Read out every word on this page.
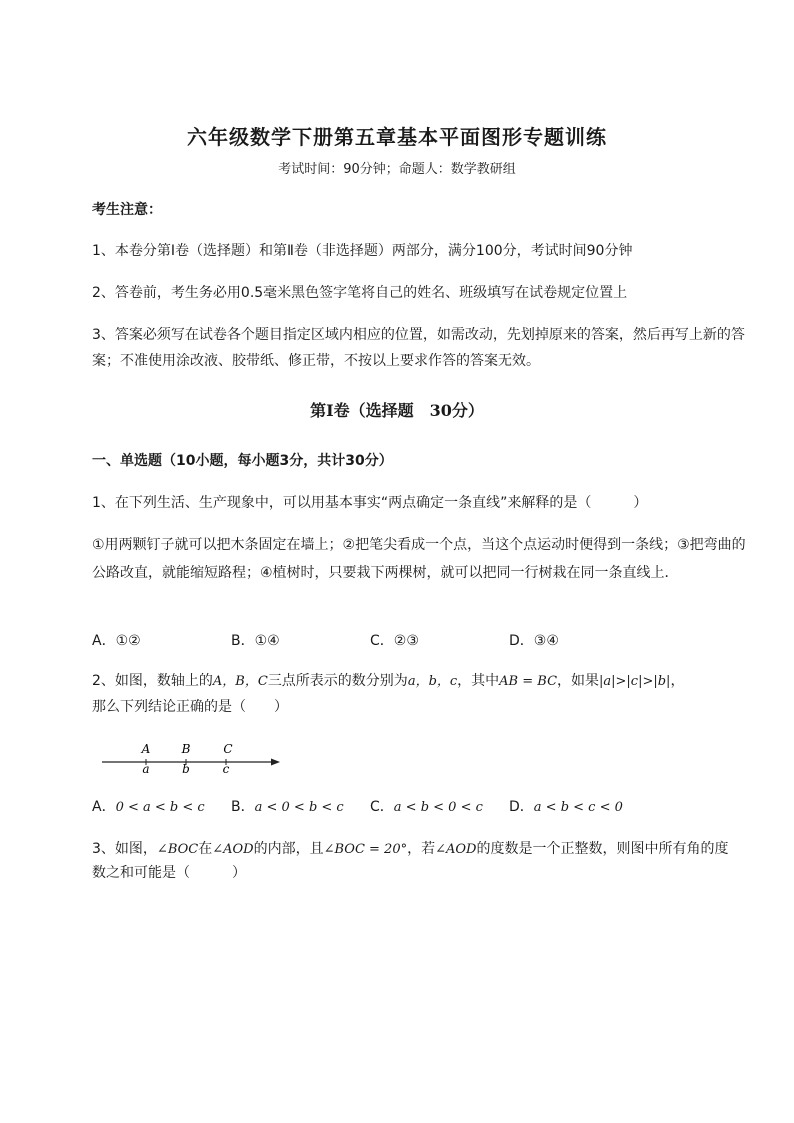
六年级数学下册第五章基本平面图形专题训练
考试时间：90分钟；命题人：数学教研组
考生注意：
1、本卷分第Ⅰ卷（选择题）和第Ⅱ卷（非选择题）两部分，满分100分，考试时间90分钟
2、答卷前，考生务必用0.5毫米黑色签字笔将自己的姓名、班级填写在试卷规定位置上
3、答案必须写在试卷各个题目指定区域内相应的位置，如需改动，先划掉原来的答案，然后再写上新的答案；不准使用涂改液、胶带纸、修正带，不按以上要求作答的答案无效。
第Ⅰ卷（选择题　30分）
一、单选题（10小题，每小题3分，共计30分）
1、在下列生活、生产现象中，可以用基本事实“两点确定一条直线”来解释的是（　　　）
①用两颗钉子就可以把木条固定在墙上；②把笔尖看成一个点，当这个点运动时便得到一条线；③把弯曲的公路改直，就能缩短路程；④植树时，只要栽下两棵树，就可以把同一行树栽在同一条直线上．
A．①②	B．①④	C．②③	D．③④
2、如图，数轴上的A，B，C三点所表示的数分别为a，b，c，其中AB = BC，如果|a|>|c|>|b|，
那么下列结论正确的是（　　）
A	B	C
a	b	c
A．0 < a < b < c B．a < 0 < b < c C．a < b < 0 < c D．a < b < c < 0
3、如图，∠BOC在∠AOD的内部，且∠BOC = 20°，若∠AOD的度数是一个正整数，则图中所有角的度
数之和可能是（　　　）
